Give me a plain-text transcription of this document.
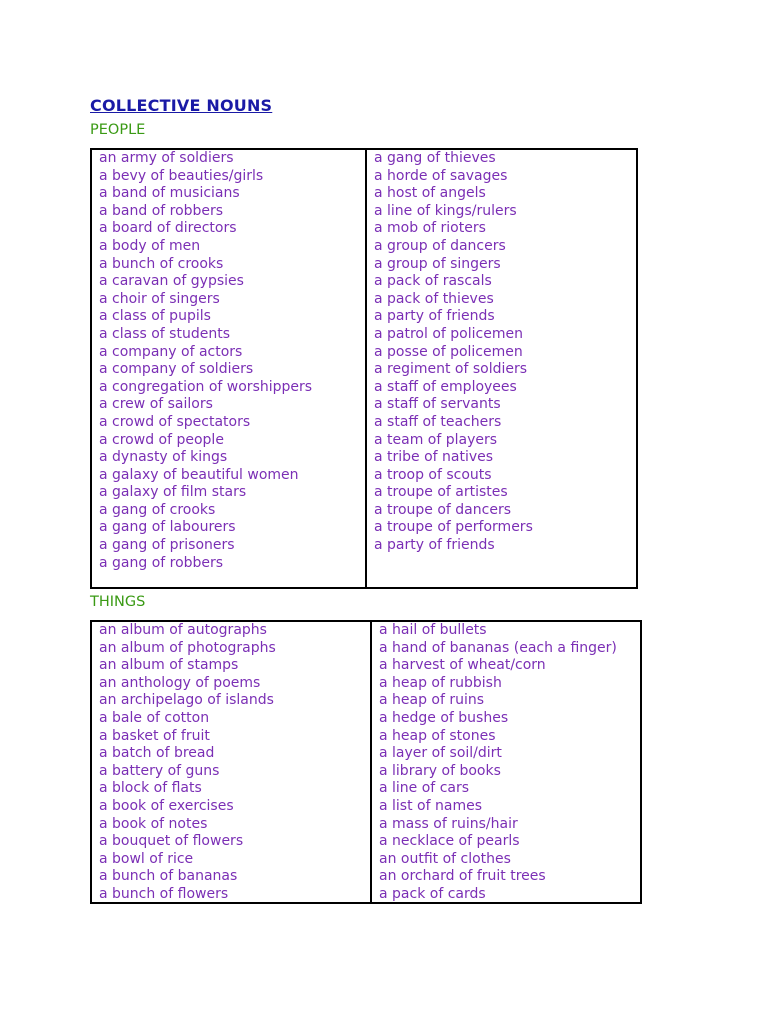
COLLECTIVE NOUNS
PEOPLE
an army of soldiers
a bevy of beauties/girls
a band of musicians
a band of robbers
a board of directors
a body of men
a bunch of crooks
a caravan of gypsies
a choir of singers
a class of pupils
a class of students
a company of actors
a company of soldiers
a congregation of worshippers
a crew of sailors
a crowd of spectators
a crowd of people
a dynasty of kings
a galaxy of beautiful women
a galaxy of film stars
a gang of crooks
a gang of labourers
a gang of prisoners
a gang of robbers
a gang of thieves
a horde of savages
a host of angels
a line of kings/rulers
a mob of rioters
a group of dancers
a group of singers
a pack of rascals
a pack of thieves
a party of friends
a patrol of policemen
a posse of policemen
a regiment of soldiers
a staff of employees
a staff of servants
a staff of teachers
a team of players
a tribe of natives
a troop of scouts
a troupe of artistes
a troupe of dancers
a troupe of performers
a party of friends
THINGS
an album of autographs
an album of photographs
an album of stamps
an anthology of poems
an archipelago of islands
a bale of cotton
a basket of fruit
a batch of bread
a battery of guns
a block of flats
a book of exercises
a book of notes
a bouquet of flowers
a bowl of rice
a bunch of bananas
a bunch of flowers
a hail of bullets
a hand of bananas (each a finger)
a harvest of wheat/corn
a heap of rubbish
a heap of ruins
a hedge of bushes
a heap of stones
a layer of soil/dirt
a library of books
a line of cars
a list of names
a mass of ruins/hair
a necklace of pearls
an outfit of clothes
an orchard of fruit trees
a pack of cards
